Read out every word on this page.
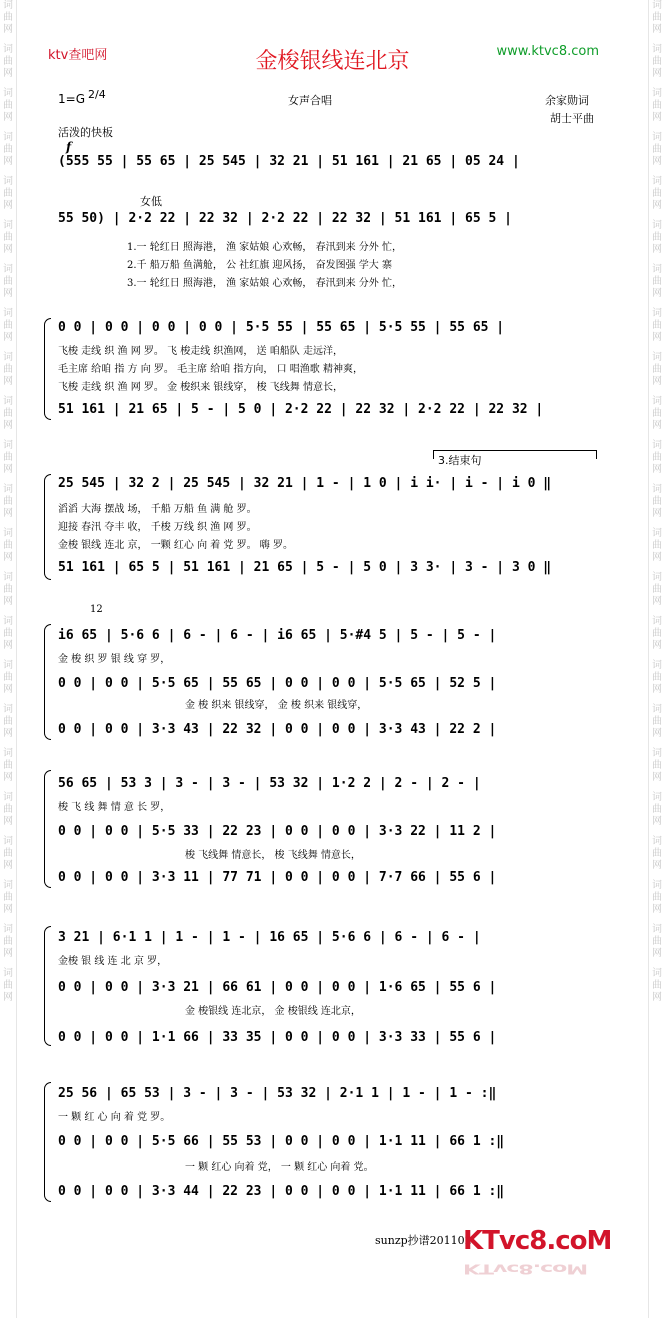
词
曲
网
词
曲
网
词
曲
网
词
曲
网
词
曲
网
词
曲
网
词
曲
网
词
曲
网
词
曲
网
词
曲
网
词
曲
网
词
曲
网
词
曲
网
词
曲
网
词
曲
网
词
曲
网
词
曲
网
词
曲
网
词
曲
网
词
曲
网
词
曲
网
词
曲
网
词
曲
网
词
曲
网
词
曲
网
词
曲
网
词
曲
网
词
曲
网
词
曲
网
词
曲
网
词
曲
网
词
曲
网
词
曲
网
词
曲
网
词
曲
网
词
曲
网
词
曲
网
词
曲
网
词
曲
网
词
曲
网
词
曲
网
词
曲
网
词
曲
网
词
曲
网
词
曲
网
词
曲
网
ktv查吧网	金梭银线连北京	www.ktvc8.com
1=G 2/4	女声合唱	余家勋词
胡士平曲
活泼的快板
f
(555 55 | 55 65 | 25 545 | 32 21 | 51 161 | 21 65 | 05 24 |
女低
55 50) | 2·2 22 | 22 32 | 2·2 22 | 22 32 | 51 161 | 65 5 |
1.一 轮红日 照海港， 渔 家姑娘 心欢畅， 春汛到来 分外 忙，
2.千 船万船 鱼满舱， 公 社红旗 迎风扬， 奋发图强 学大 寨
3.一 轮红日 照海港， 渔 家姑娘 心欢畅， 春汛到来 分外 忙，
0 0 | 0 0 | 0 0 | 0 0 | 5·5 55 | 55 65 | 5·5 55 | 55 65 |
飞梭 走线 织 渔 网 罗。 飞 梭走线 织渔网， 送 咱船队 走远洋，
毛主席 给咱 指 方 向 罗。 毛主席 给咱 指方向， 口 唱渔歌 精神爽，
飞梭 走线 织 渔 网 罗。 金 梭织来 银线穿， 梭 飞线舞 情意长，
51 161 | 21 65 | 5 - | 5 0 | 2·2 22 | 22 32 | 2·2 22 | 22 32 |
3.结束句
25 545 | 32 2 | 25 545 | 32 21 | 1 - | 1 0 | i i· | i - | i 0 ‖
滔滔 大海 摆战 场， 千船 万船 鱼 满 舱 罗。
迎接 春汛 夺丰 收， 千梭 万线 织 渔 网 罗。
金梭 银线 连北 京， 一颗 红心 向 着 党 罗。 嗨 罗。
51 161 | 65 5 | 51 161 | 21 65 | 5 - | 5 0 | 3 3· | 3 - | 3 0 ‖
12
i6 65 | 5·6 6 | 6 - | 6 - | i6 65 | 5·#4 5 | 5 - | 5 - |
金 梭 织 罗 银 线 穿 罗，
0 0 | 0 0 | 5·5 65 | 55 65 | 0 0 | 0 0 | 5·5 65 | 52 5 |
金 梭 织来 银线穿， 金 梭 织来 银线穿，
0 0 | 0 0 | 3·3 43 | 22 32 | 0 0 | 0 0 | 3·3 43 | 22 2 |
56 65 | 53 3 | 3 - | 3 - | 53 32 | 1·2 2 | 2 - | 2 - |
梭 飞 线 舞 情 意 长 罗，
0 0 | 0 0 | 5·5 33 | 22 23 | 0 0 | 0 0 | 3·3 22 | 11 2 |
梭 飞线舞 情意长， 梭 飞线舞 情意长，
0 0 | 0 0 | 3·3 11 | 77 71 | 0 0 | 0 0 | 7·7 66 | 55 6 |
3 21 | 6·1 1 | 1 - | 1 - | 16 65 | 5·6 6 | 6 - | 6 - |
金梭 银 线 连 北 京 罗，
0 0 | 0 0 | 3·3 21 | 66 61 | 0 0 | 0 0 | 1·6 65 | 55 6 |
金 梭银线 连北京， 金 梭银线 连北京，
0 0 | 0 0 | 1·1 66 | 33 35 | 0 0 | 0 0 | 3·3 33 | 55 6 |
25 56 | 65 53 | 3 - | 3 - | 53 32 | 2·1 1 | 1 - | 1 - :‖
一 颗 红 心 向 着 党 罗。
0 0 | 0 0 | 5·5 66 | 55 53 | 0 0 | 0 0 | 1·1 11 | 66 1 :‖
一 颗 红心 向着 党， 一 颗 红心 向着 党。
0 0 | 0 0 | 3·3 44 | 22 23 | 0 0 | 0 0 | 1·1 11 | 66 1 :‖
sunzp抄谱201102
KTvc8.coM
KTvc8.coM
